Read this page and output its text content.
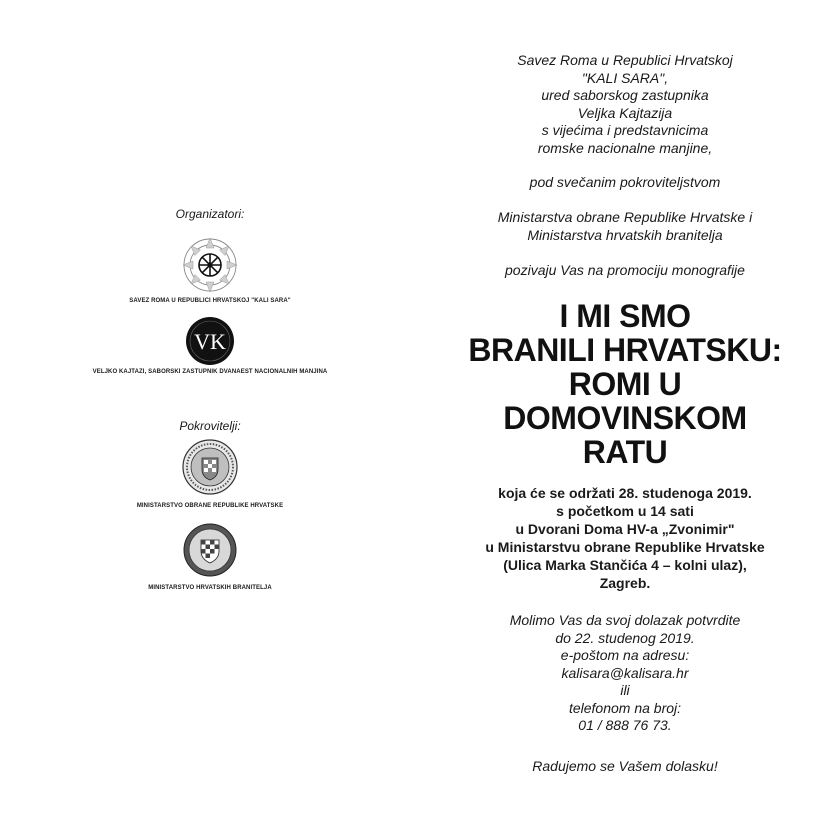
Organizatori:
SAVEZ ROMA U REPUBLICI HRVATSKOJ "KALI SARA"
VK
VELJKO KAJTAZI, SABORSKI ZASTUPNIK DVANAEST NACIONALNIH MANJINA
Pokrovitelji:
MINISTARSTVO OBRANE REPUBLIKE HRVATSKE
MINISTARSTVO HRVATSKIH BRANITELJA
Savez Roma u Republici Hrvatskoj
"KALI SARA",
ured saborskog zastupnika
Veljka Kajtazija
s vijećima i predstavnicima
romske nacionalne manjine,
pod svečanim pokroviteljstvom
Ministarstva obrane Republike Hrvatske i
Ministarstva hrvatskih branitelja
pozivaju Vas na promociju monografije
I MI SMO
BRANILI HRVATSKU:
ROMI U
DOMOVINSKOM
RATU
koja će se održati 28. studenoga 2019.
s početkom u 14 sati
u Dvorani Doma HV-a „Zvonimir"
u Ministarstvu obrane Republike Hrvatske
(Ulica Marka Stančića 4 – kolni ulaz),
Zagreb.
Molimo Vas da svoj dolazak potvrdite
do 22. studenog 2019.
e-poštom na adresu:
kalisara@kalisara.hr
ili
telefonom na broj:
01 / 888 76 73.
Radujemo se Vašem dolasku!
